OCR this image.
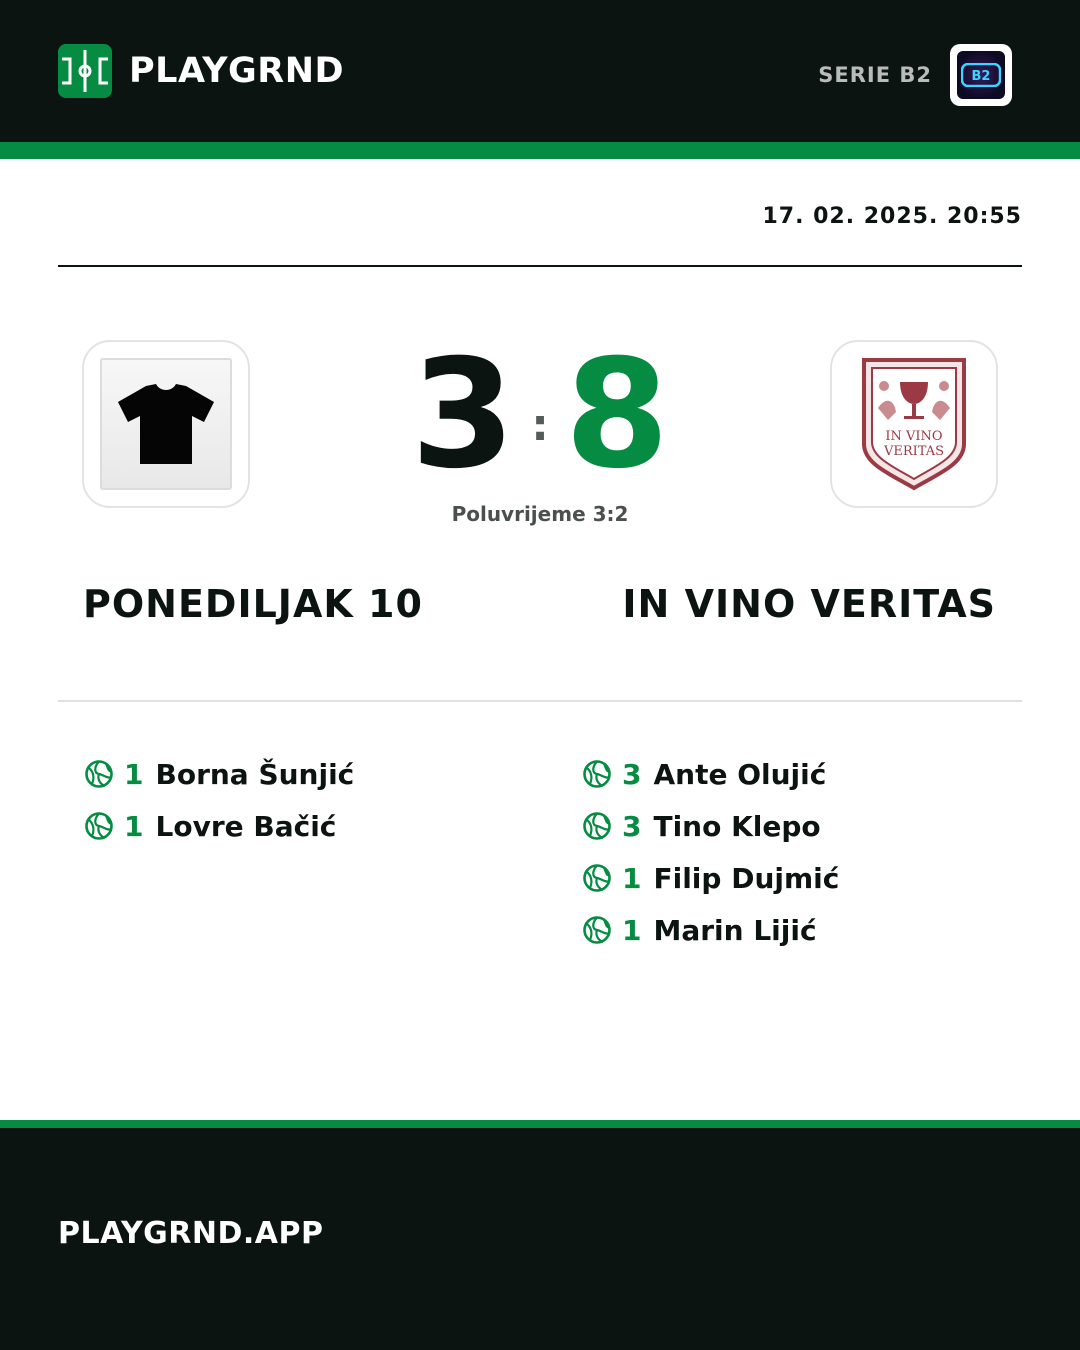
PLAYGRND	SERIE B2	B2
17. 02. 2025. 20:55
3 : 8
Poluvrijeme 3:2
IN VINO
VERITAS
PONEDILJAK 10	IN VINO VERITAS
1 Borna Šunjić
1 Lovre Bačić
3 Ante Olujić
3 Tino Klepo
1 Filip Dujmić
1 Marin Lijić
PLAYGRND.APP
